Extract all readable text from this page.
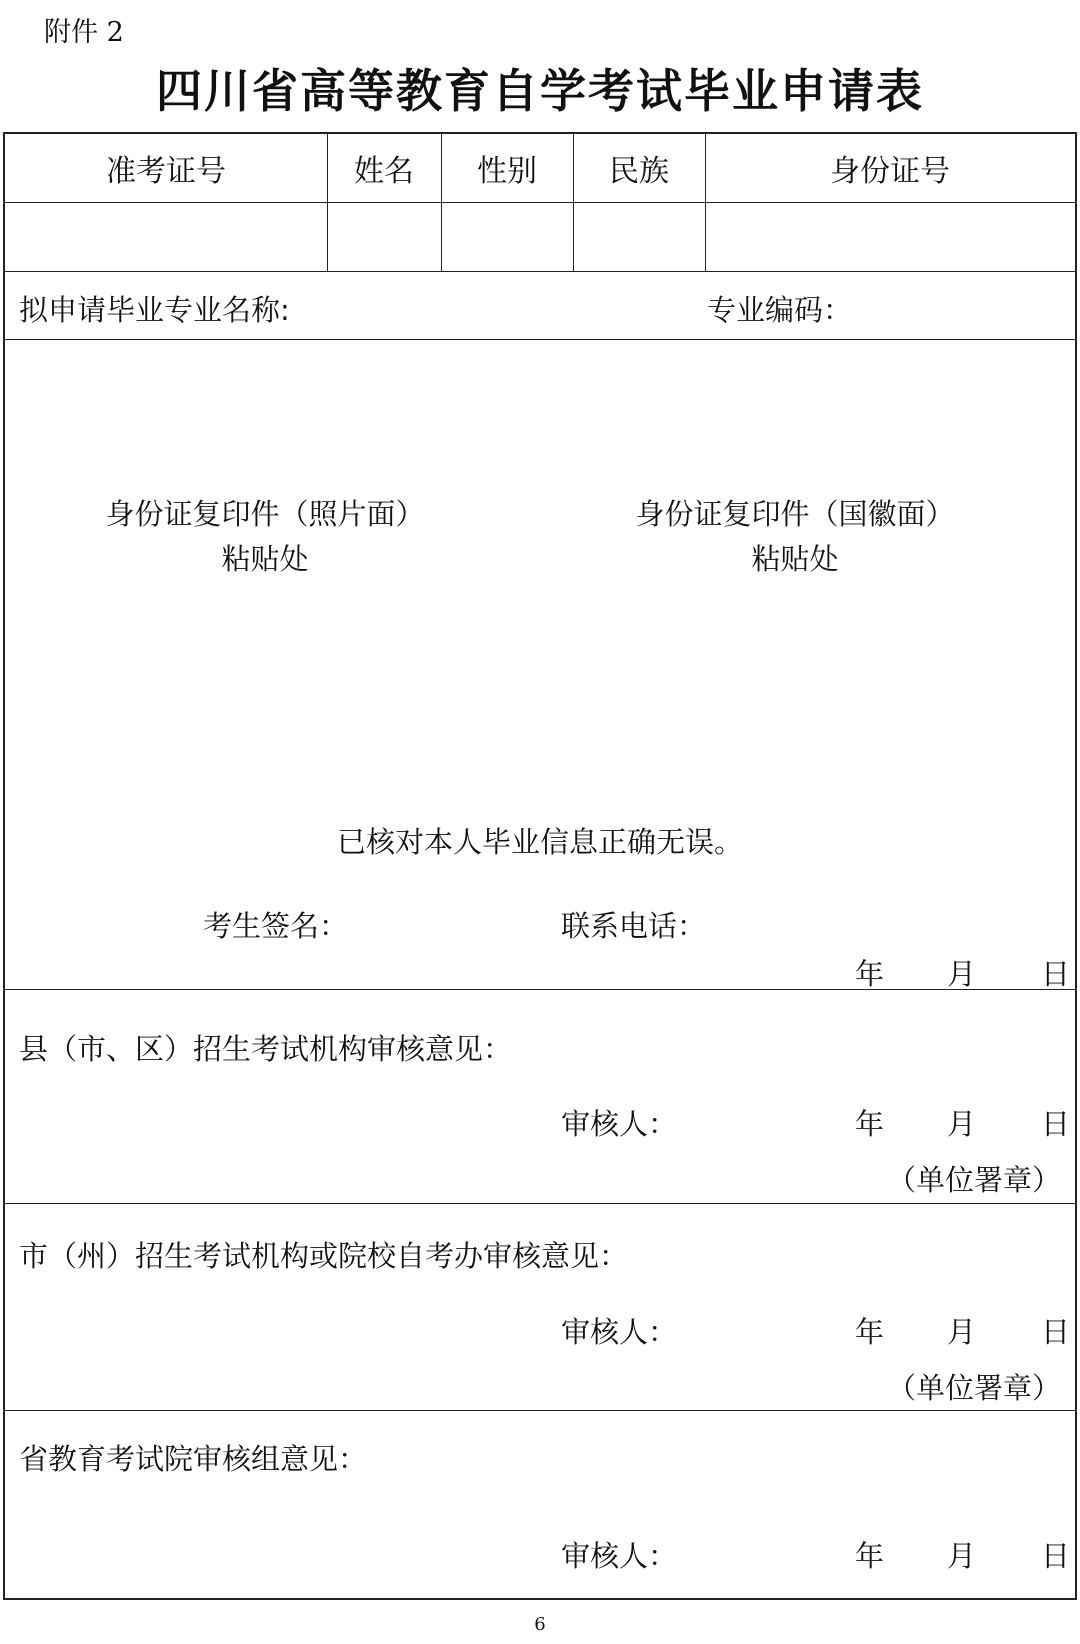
附件 2
四川省高等教育自学考试毕业申请表
准考证号	姓名	性别	民族	身份证号
拟申请毕业专业名称:	专业编码：
身份证复印件（照片面）
粘贴处
身份证复印件（国徽面）
粘贴处
已核对本人毕业信息正确无误。
考生签名：	联系电话：
年 月 日
县（市、区）招生考试机构审核意见：
审核人：	年 月 日
（单位署章）
市（州）招生考试机构或院校自考办审核意见：
审核人：	年 月 日
（单位署章）
省教育考试院审核组意见：
审核人：	年 月 日
6
